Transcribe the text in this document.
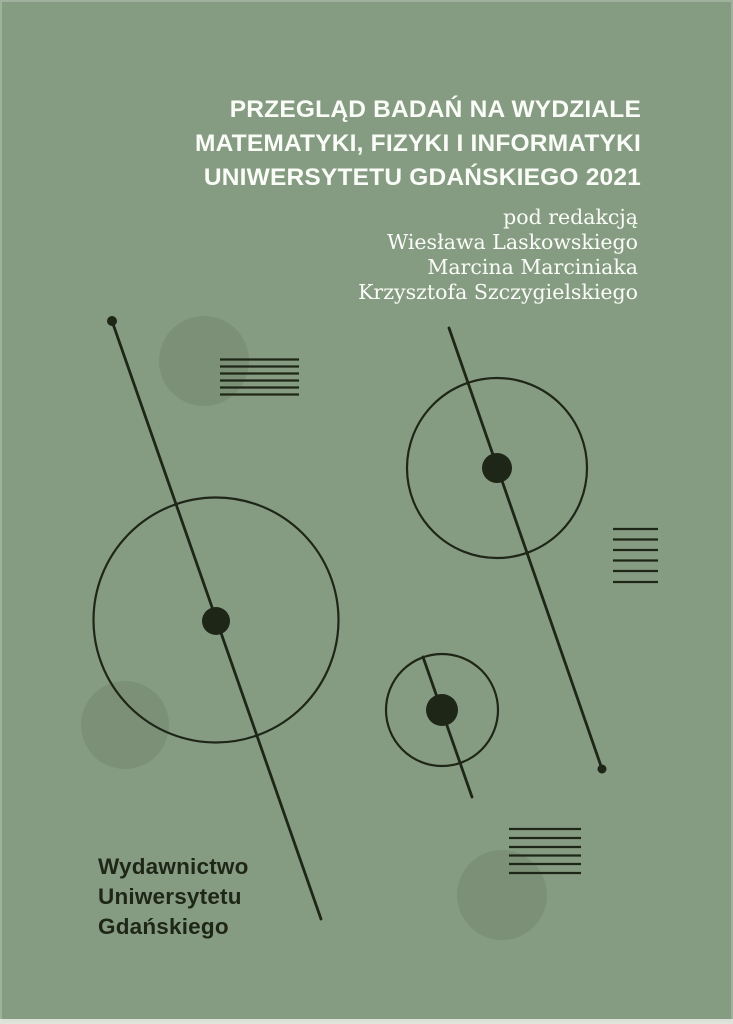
PRZEGLĄD BADAŃ NA WYDZIALE
MATEMATYKI, FIZYKI I INFORMATYKI
UNIWERSYTETU GDAŃSKIEGO 2021
pod redakcją
Wiesława Laskowskiego
Marcina Marciniaka
Krzysztofa Szczygielskiego
Wydawnictwo
Uniwersytetu
Gdańskiego
